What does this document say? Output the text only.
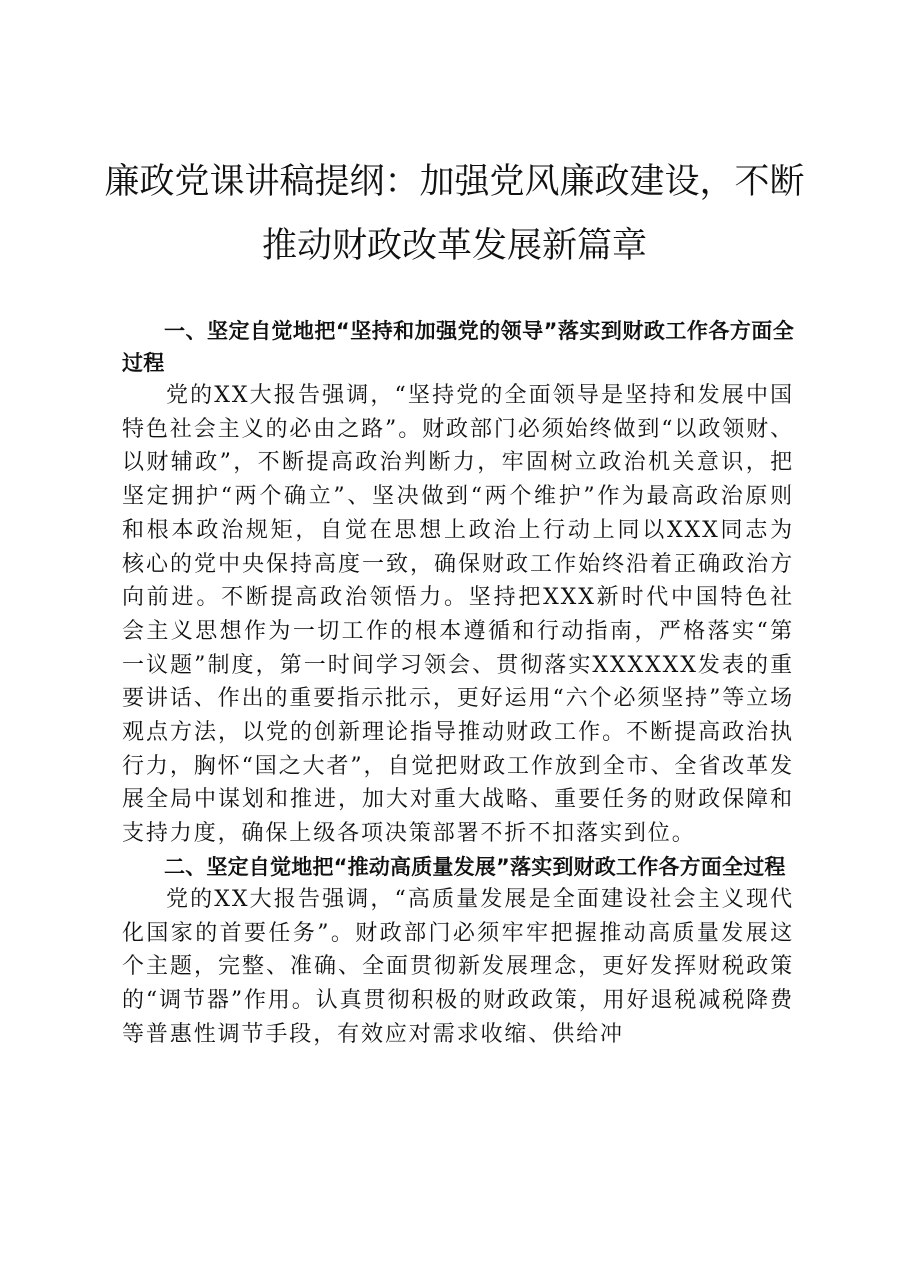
廉政党课讲稿提纲：加强党风廉政建设，不断
推动财政改革发展新篇章

一、坚定自觉地把“坚持和加强党的领导”落实到财政工作各方面全过程

党的XX大报告强调，“坚持党的全面领导是坚持和发展中国特色社会主义的必由之路”。财政部门必须始终做到“以政领财、以财辅政”，不断提高政治判断力，牢固树立政治机关意识，把坚定拥护“两个确立”、坚决做到“两个维护”作为最高政治原则和根本政治规矩，自觉在思想上政治上行动上同以XXX同志为核心的党中央保持高度一致，确保财政工作始终沿着正确政治方向前进。不断提高政治领悟力。坚持把XXX新时代中国特色社会主义思想作为一切工作的根本遵循和行动指南，严格落实“第一议题”制度，第一时间学习领会、贯彻落实XXXXXX发表的重要讲话、作出的重要指示批示，更好运用“六个必须坚持”等立场观点方法，以党的创新理论指导推动财政工作。不断提高政治执行力，胸怀“国之大者”，自觉把财政工作放到全市、全省改革发展全局中谋划和推进，加大对重大战略、重要任务的财政保障和支持力度，确保上级各项决策部署不折不扣落实到位。

二、坚定自觉地把“推动高质量发展”落实到财政工作各方面全过程

党的XX大报告强调，“高质量发展是全面建设社会主义现代化国家的首要任务”。财政部门必须牢牢把握推动高质量发展这个主题，完整、准确、全面贯彻新发展理念，更好发挥财税政策的“调节器”作用。认真贯彻积极的财政政策，用好退税减税降费等普惠性调节手段，有效应对需求收缩、供给冲
